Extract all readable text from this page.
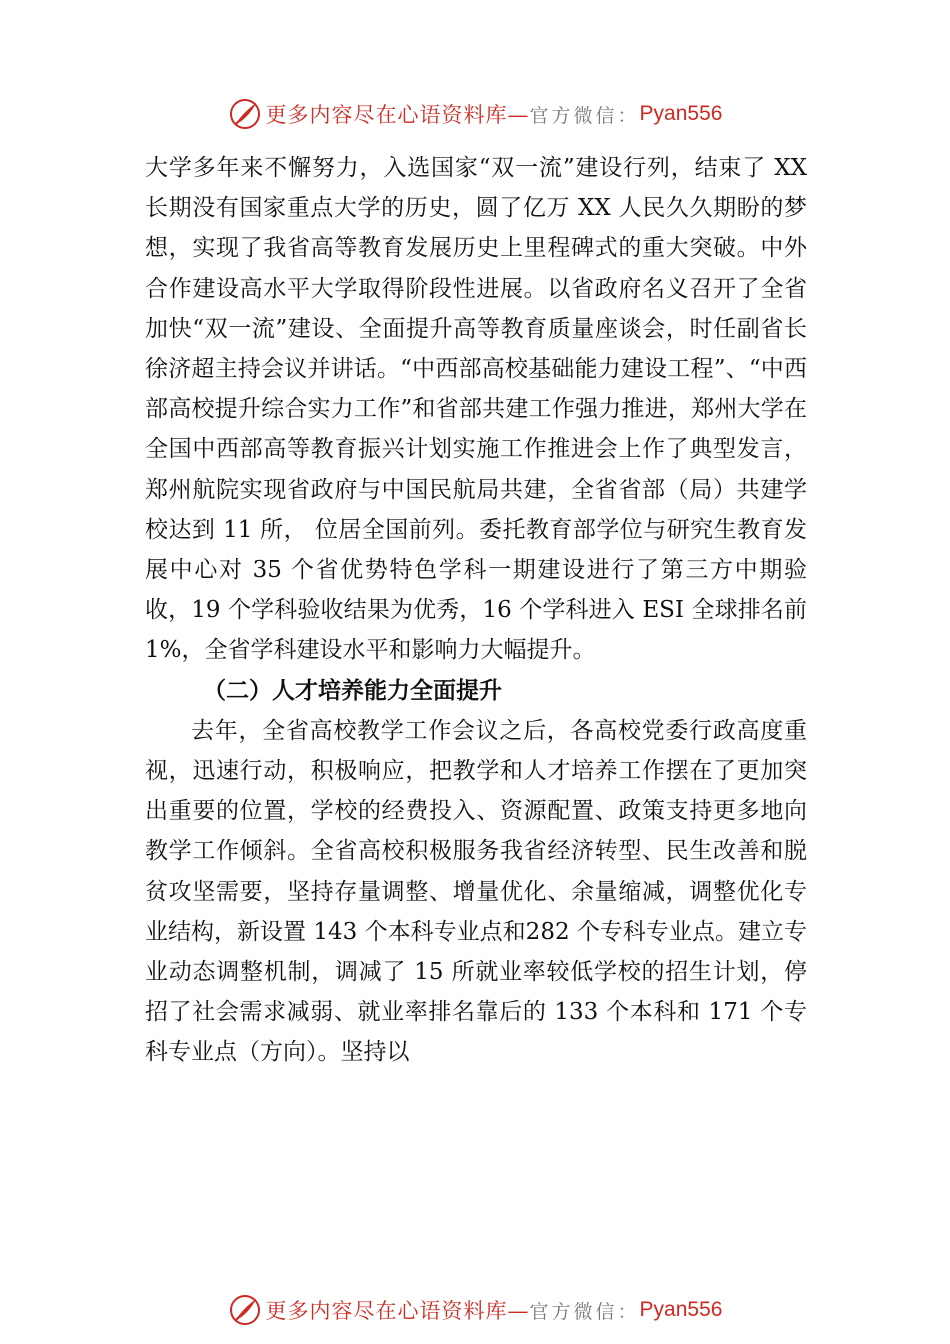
更多内容尽在心语资料库— 官方微信： Pyan556

大学多年来不懈努力，入选国家“双一流”建设行列，结束了 XX 长期没有国家重点大学的历史，圆了亿万 XX 人民久久期盼的梦想，实现了我省高等教育发展历史上里程碑式的重大突破。中外合作建设高水平大学取得阶段性进展。以省政府名义召开了全省加快“双一流”建设、全面提升高等教育质量座谈会，时任副省长徐济超主持会议并讲话。“中西部高校基础能力建设工程”、“中西部高校提升综合实力工作”和省部共建工作强力推进，郑州大学在全国中西部高等教育振兴计划实施工作推进会上作了典型发言，郑州航院实现省政府与中国民航局共建，全省省部（局）共建学校达到 11 所， 位居全国前列。委托教育部学位与研究生教育发展中心对 35 个省优势特色学科一期建设进行了第三方中期验收，19 个学科验收结果为优秀，16 个学科进入 ESI 全球排名前 1%，全省学科建设水平和影响力大幅提升。

（二）人才培养能力全面提升

去年，全省高校教学工作会议之后，各高校党委行政高度重视，迅速行动，积极响应，把教学和人才培养工作摆在了更加突出重要的位置，学校的经费投入、资源配置、政策支持更多地向教学工作倾斜。全省高校积极服务我省经济转型、民生改善和脱贫攻坚需要，坚持存量调整、增量优化、余量缩减，调整优化专业结构，新设置 143 个本科专业点和282 个专科专业点。建立专业动态调整机制，调减了 15 所就业率较低学校的招生计划，停招了社会需求减弱、就业率排名靠后的 133 个本科和 171 个专科专业点（方向）。坚持以

更多内容尽在心语资料库— 官方微信： Pyan556
